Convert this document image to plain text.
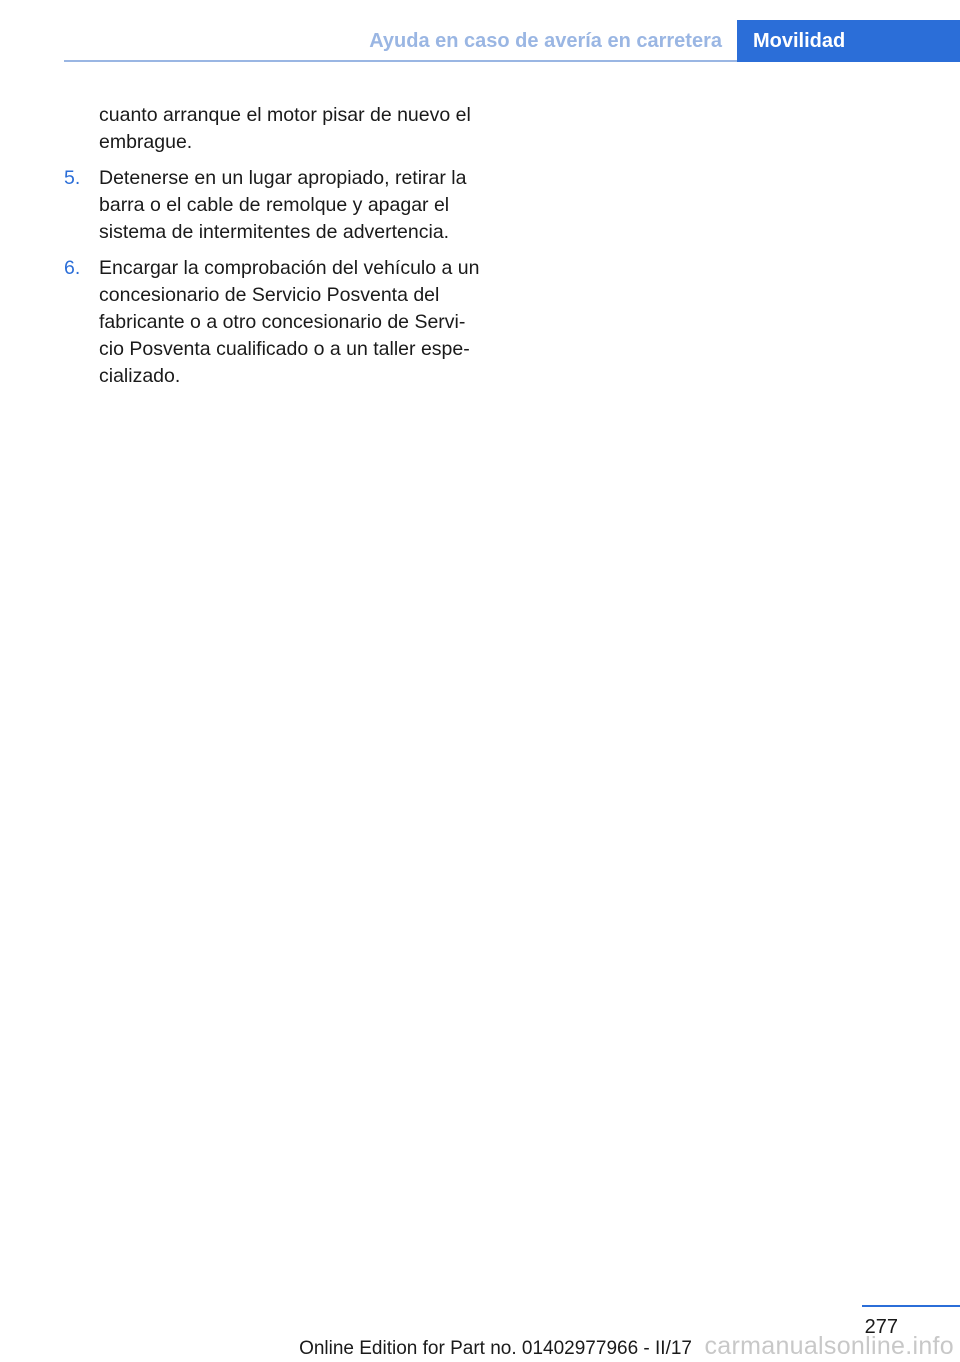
Ayuda en caso de avería en carretera	Movilidad

cuanto arranque el motor pisar de nuevo el embrague.

5. Detenerse en un lugar apropiado, retirar la barra o el cable de remolque y apagar el sistema de intermitentes de advertencia.
6. Encargar la comprobación del vehículo a un concesionario de Servicio Posventa del fabricante o a otro concesionario de Servi‐cio Posventa cualificado o a un taller espe‐cializado.
277
carmanualsonline.info
Online Edition for Part no. 01402977966 - II/17
